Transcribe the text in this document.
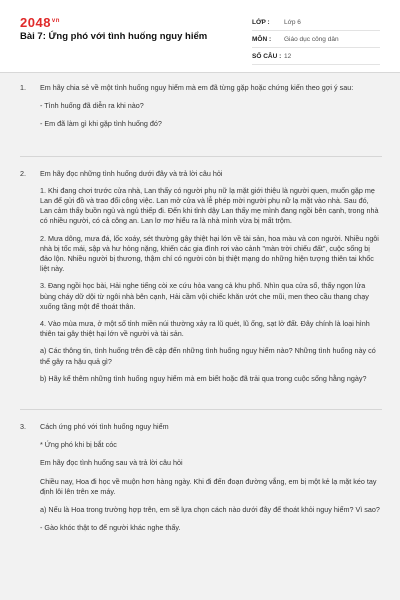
$2048^{vn}$
Bài 7: Ứng phó với tình huống nguy hiểm
LỚP :	Lớp 6
MÔN :	Giáo dục công dân
SỐ CÂU : 12
1.	Em hãy chia sẻ về một tình huống nguy hiểm mà em đã từng gặp hoặc chứng kiến theo gợi ý sau:

- Tình huống đã diễn ra khi nào?

- Em đã làm gì khi gặp tình huống đó?

2.	Em hãy đọc những tình huống dưới đây và trả lời câu hỏi

1. Khi đang chơi trước cửa nhà, Lan thấy có người phụ nữ lạ mặt giới thiệu là người quen, muốn gặp mẹ Lan để gửi đồ và trao đổi công việc. Lan mở cửa và lễ phép mời người phụ nữ lạ mặt vào nhà. Sau đó, Lan cảm thấy buồn ngủ và ngủ thiếp đi. Đến khi tỉnh dậy Lan thấy mẹ mình đang ngồi bên cạnh, trong nhà có nhiều người, có cả công an. Lan lơ mơ hiểu ra là nhà mình vừa bị mất trộm.

2. Mưa dông, mưa đá, lốc xoáy, sét thường gây thiệt hại lớn về tài sản, hoa màu và con người. Nhiều ngôi nhà bị tốc mái, sập và hư hỏng nặng, khiến các gia đình rơi vào cảnh "màn trời chiếu đất", cuộc sống bị đảo lộn. Nhiều người bị thương, thậm chí có người còn bị thiệt mạng do những hiện tượng thiên tai khốc liệt này.

3. Đang ngồi học bài, Hải nghe tiếng còi xe cứu hỏa vang cả khu phố. Nhìn qua cửa sổ, thấy ngọn lửa bùng cháy dữ dội từ ngôi nhà bên cạnh, Hải cầm vội chiếc khăn ướt che mũi, men theo cầu thang chạy xuống tầng một để thoát thân.

4. Vào mùa mưa, ở một số tỉnh miền núi thường xảy ra lũ quét, lũ ống, sạt lở đất. Đây chính là loại hình thiên tai gây thiệt hại lớn về người và tài sản.

a) Các thông tin, tình huống trên đề cập đến những tình huống nguy hiểm nào? Những tình huống này có thể gây ra hậu quả gì?

b) Hãy kể thêm những tình huống nguy hiểm mà em biết hoặc đã trải qua trong cuộc sống hằng ngày?

3.	Cách ứng phó với tình huống nguy hiểm

* Ứng phó khi bị bắt cóc

Em hãy đọc tình huống sau và trả lời câu hỏi

Chiều nay, Hoa đi học về muộn hơn hàng ngày. Khi đi đến đoạn đường vắng, em bị một kẻ lạ mặt kéo tay định lôi lên trên xe máy.

a) Nếu là Hoa trong trường hợp trên, em sẽ lựa chọn cách nào dưới đây để thoát khỏi nguy hiểm? Vì sao?

- Gào khóc thật to để người khác nghe thấy.
